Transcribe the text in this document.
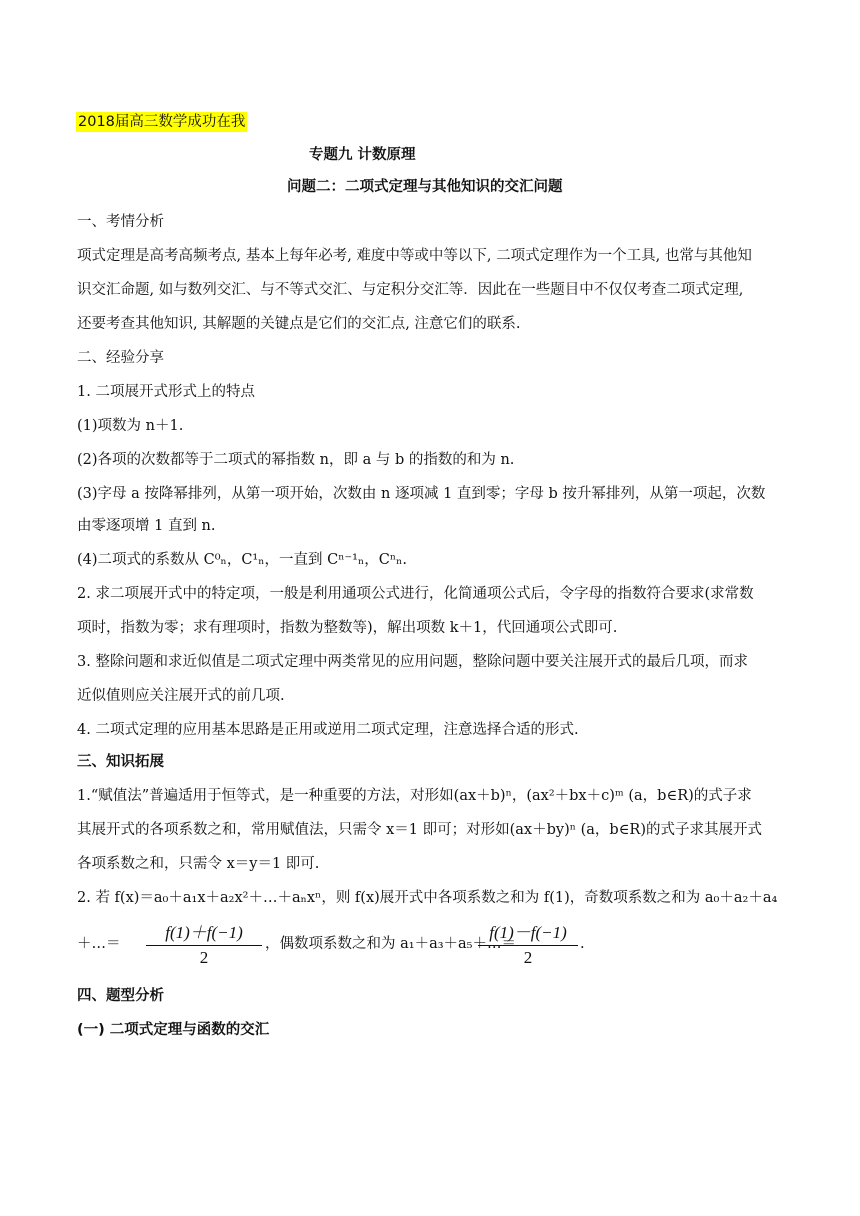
2018届高三数学成功在我
专题九 计数原理
问题二：二项式定理与其他知识的交汇问题
一、考情分析
项式定理是高考高频考点, 基本上每年必考, 难度中等或中等以下, 二项式定理作为一个工具, 也常与其他知
识交汇命题, 如与数列交汇、与不等式交汇、与定积分交汇等．因此在一些题目中不仅仅考查二项式定理,
还要考查其他知识, 其解题的关键点是它们的交汇点, 注意它们的联系.
二、经验分享
1. 二项展开式形式上的特点
(1)项数为 n＋1.
(2)各项的次数都等于二项式的幂指数 n，即 a 与 b 的指数的和为 n.
(3)字母 a 按降幂排列，从第一项开始，次数由 n 逐项减 1 直到零；字母 b 按升幂排列，从第一项起，次数
由零逐项增 1 直到 n.
(4)二项式的系数从 C⁰ₙ，C¹ₙ，一直到 Cⁿ⁻¹ₙ，Cⁿₙ.
2. 求二项展开式中的特定项，一般是利用通项公式进行，化简通项公式后，令字母的指数符合要求(求常数
项时，指数为零；求有理项时，指数为整数等)，解出项数 k＋1，代回通项公式即可.
3. 整除问题和求近似值是二项式定理中两类常见的应用问题，整除问题中要关注展开式的最后几项，而求
近似值则应关注展开式的前几项.
4. 二项式定理的应用基本思路是正用或逆用二项式定理，注意选择合适的形式.
三、知识拓展
1.“赋值法”普遍适用于恒等式，是一种重要的方法，对形如(ax＋b)ⁿ，(ax²＋bx＋c)ᵐ (a，b∈R)的式子求
其展开式的各项系数之和，常用赋值法，只需令 x＝1 即可；对形如(ax＋by)ⁿ (a，b∈R)的式子求其展开式
各项系数之和，只需令 x＝y＝1 即可.
2. 若 f(x)＝a₀＋a₁x＋a₂x²＋…＋aₙxⁿ，则 f(x)展开式中各项系数之和为 f(1)，奇数项系数之和为 a₀＋a₂＋a₄
＋…＝ $\frac{f(1)+f(-1)}{2}$ ，偶数项系数之和为 a₁＋a₃＋a₅＋…＝
$\frac{f(1)-f(-1)}{2}$ .
四、题型分析
(一) 二项式定理与函数的交汇
